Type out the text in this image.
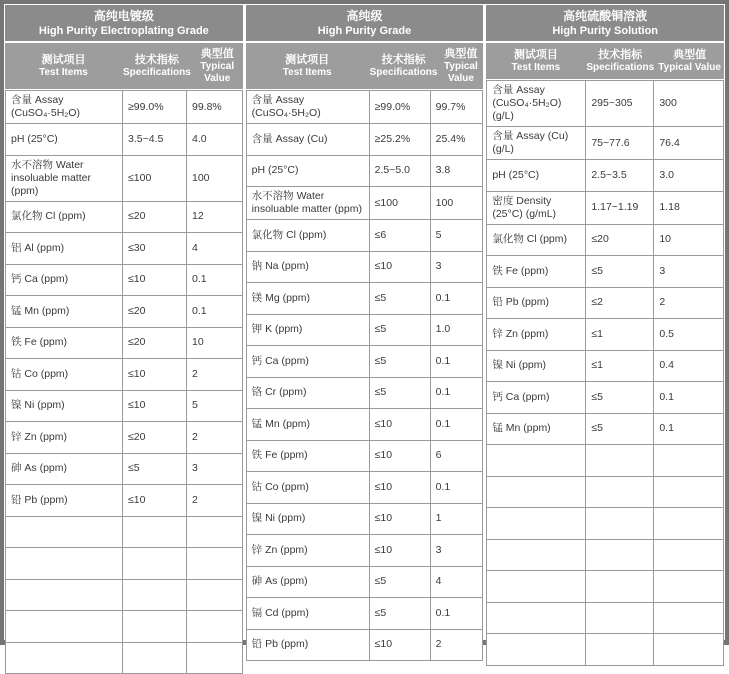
高纯电镀级
High Purity Electroplating Grade
测试项目
Test Items
技术指标
Specifications
典型值
Typical Value
含量 Assay (CuSO₄·5H₂O)
≥99.0%	99.8%
pH (25°C)	3.5~4.5	4.0
水不溶物 Water insoluable matter (ppm)
≤100	100
氯化物 Cl (ppm)	≤20	12
铝 Al (ppm)	≤30	4
钙 Ca (ppm)	≤10	0.1
锰 Mn (ppm)	≤20	0.1
铁 Fe (ppm)	≤20	10
钴 Co (ppm)	≤10	2
镍 Ni (ppm)	≤10	5
锌 Zn (ppm)	≤20	2
砷 As (ppm)	≤5	3
铅 Pb (ppm)	≤10	2
高纯级
High Purity Grade
测试项目
Test Items
技术指标
Specifications
典型值
Typical Value
含量 Assay (CuSO₄·5H₂O)
≥99.0%	99.7%
含量 Assay (Cu)	≥25.2%	25.4%
pH (25°C)	2.5~5.0	3.8
水不溶物 Water insoluable matter (ppm)
≤100	100
氯化物 Cl (ppm)	≤6	5
钠 Na (ppm)	≤10	3
镁 Mg (ppm)	≤5	0.1
钾 K (ppm)	≤5	1.0
钙 Ca (ppm)	≤5	0.1
铬 Cr (ppm)	≤5	0.1
锰 Mn (ppm)	≤10	0.1
铁 Fe (ppm)	≤10	6
钴 Co (ppm)	≤10	0.1
镍 Ni (ppm)	≤10	1
锌 Zn (ppm)	≤10	3
砷 As (ppm)	≤5	4
镉 Cd (ppm)	≤5	0.1
铅 Pb (ppm)	≤10	2
高纯硫酸铜溶液
High Purity Solution
测试项目
Test Items
技术指标
Specifications
典型值
Typical Value
含量 Assay (CuSO₄·5H₂O) (g/L)
295~305	300
含量 Assay (Cu) (g/L)
75~77.6	76.4
pH (25°C)	2.5~3.5	3.0
密度 Density (25°C) (g/mL)
1.17~1.19	1.18
氯化物 Cl (ppm)	≤20	10
铁 Fe (ppm)	≤5	3
铅 Pb (ppm)	≤2	2
锌 Zn (ppm)	≤1	0.5
镍 Ni (ppm)	≤1	0.4
钙 Ca (ppm)	≤5	0.1
锰 Mn (ppm)	≤5	0.1
